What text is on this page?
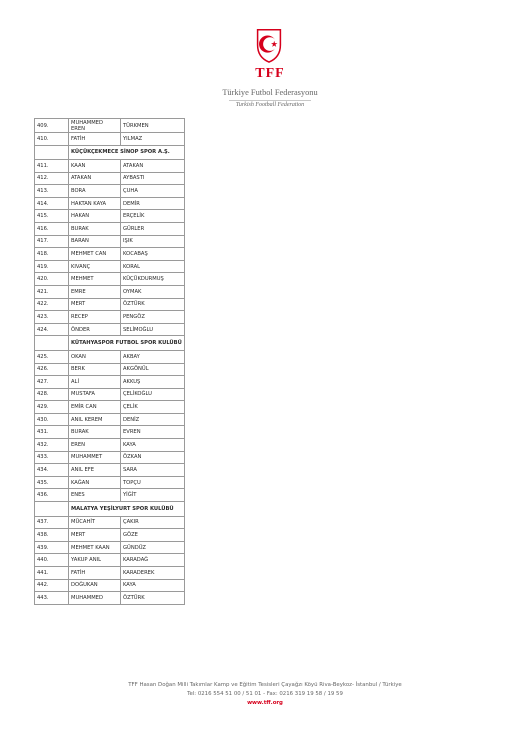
TFF
Türkiye Futbol Federasyonu
Turkish Football Federation
409.	MUHAMMED EREN	TÜRKMEN
410.	FATİH	YILMAZ
	KÜÇÜKÇEKMECE SİNOP SPOR A.Ş.	
411.	KAAN	ATAKAN
412.	ATAKAN	AYBASTI
413.	BORA	ÇUHA
414.	HAKTAN KAYA	DEMİR
415.	HAKAN	ERÇELİK
416.	BURAK	GÜRLER
417.	BARAN	IŞIK
418.	MEHMET CAN	KOCABAŞ
419.	KIVANÇ	KORAL
420.	MEHMET	KÜÇÜKDURMUŞ
421.	EMRE	OYMAK
422.	MERT	ÖZTÜRK
423.	RECEP	PENGÖZ
424.	ÖNDER	SELİMOĞLU
	KÜTAHYASPOR FUTBOL SPOR KULÜBÜ	
425.	OKAN	AKBAY
426.	BERK	AKGÖNÜL
427.	ALİ	AKKUŞ
428.	MUSTAFA	ÇELİKOĞLU
429.	EMİR CAN	ÇELİK
430.	ANIL KEREM	DENİZ
431.	BURAK	EVREN
432.	EREN	KAYA
433.	MUHAMMET	ÖZKAN
434.	ANIL EFE	SARA
435.	KAĞAN	TOPÇU
436.	ENES	YİĞİT
	MALATYA YEŞİLYURT SPOR KULÜBÜ	
437.	MÜCAHİT	ÇAKIR
438.	MERT	GÖZE
439.	MEHMET KAAN	GÜNDÜZ
440.	YAKUP ANIL	KARADAĞ
441.	FATİH	KARADEREK
442.	DOĞUKAN	KAYA
443.	MUHAMMED	ÖZTÜRK
TFF Hasan Doğan Milli Takımlar Kamp ve Eğitim Tesisleri Çayağzı Köyü Riva-Beykoz- İstanbul / Türkiye
Tel: 0216 554 51 00 / 51 01 - Fax: 0216 319 19 58 / 19 59
www.tff.org
